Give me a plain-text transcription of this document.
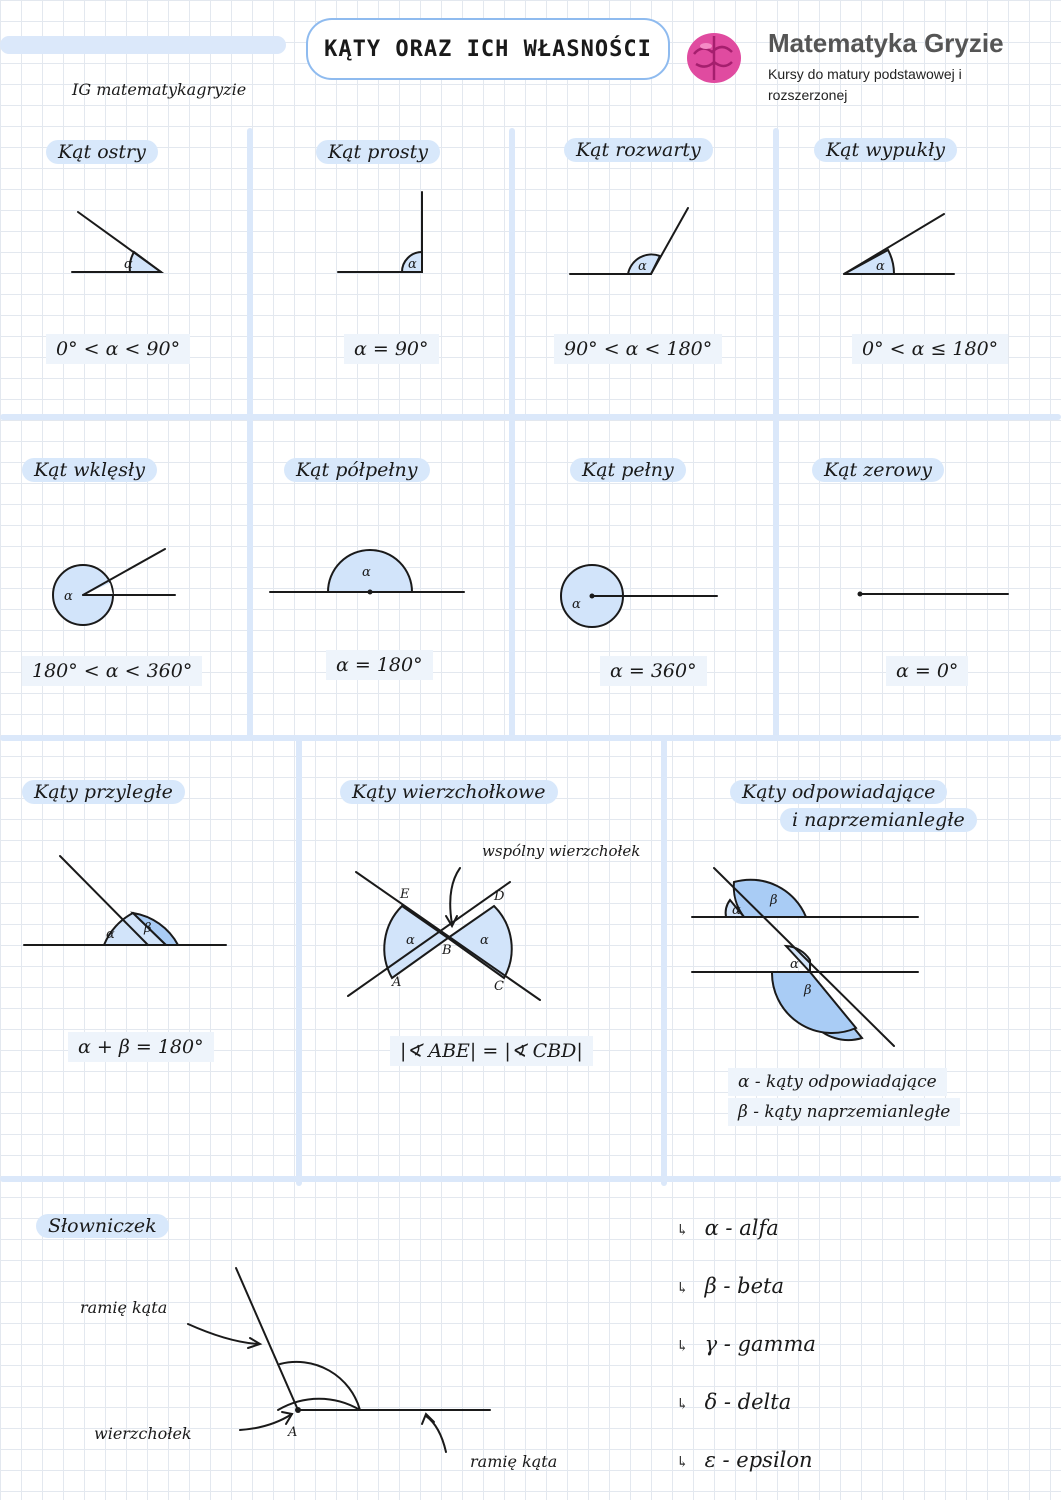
KĄTY ORAZ ICH WŁASNOŚCI
IG matematykagryzie
Matematyka Gryzie
Kursy do matury podstawowej i rozszerzonej
Kąt ostry
α
0° < α < 90°
Kąt prosty
α
α = 90°
Kąt rozwarty
α
90° < α < 180°
Kąt wypukły
α
0° < α ≤ 180°
Kąt wklęsły
α
180° < α < 360°
Kąt półpełny
α
α = 180°
Kąt pełny
α
α = 360°
Kąt zerowy
α = 0°
Kąty przyległe
α β
α + β = 180°
Kąty wierzchołkowe
wspólny wierzchołek
E	D
B
A	C
α	α
|∢ ABE| = |∢ CBD|
Kąty odpowiadające
i naprzemianległe
α
β
α
β
α - kąty odpowiadające
β - kąty naprzemianległe
Słowniczek
A
ramię kąta
wierzchołek
ramię kąta
↳ α - alfa
↳ β - beta
↳ γ - gamma
↳ δ - delta
↳ ε - epsilon
